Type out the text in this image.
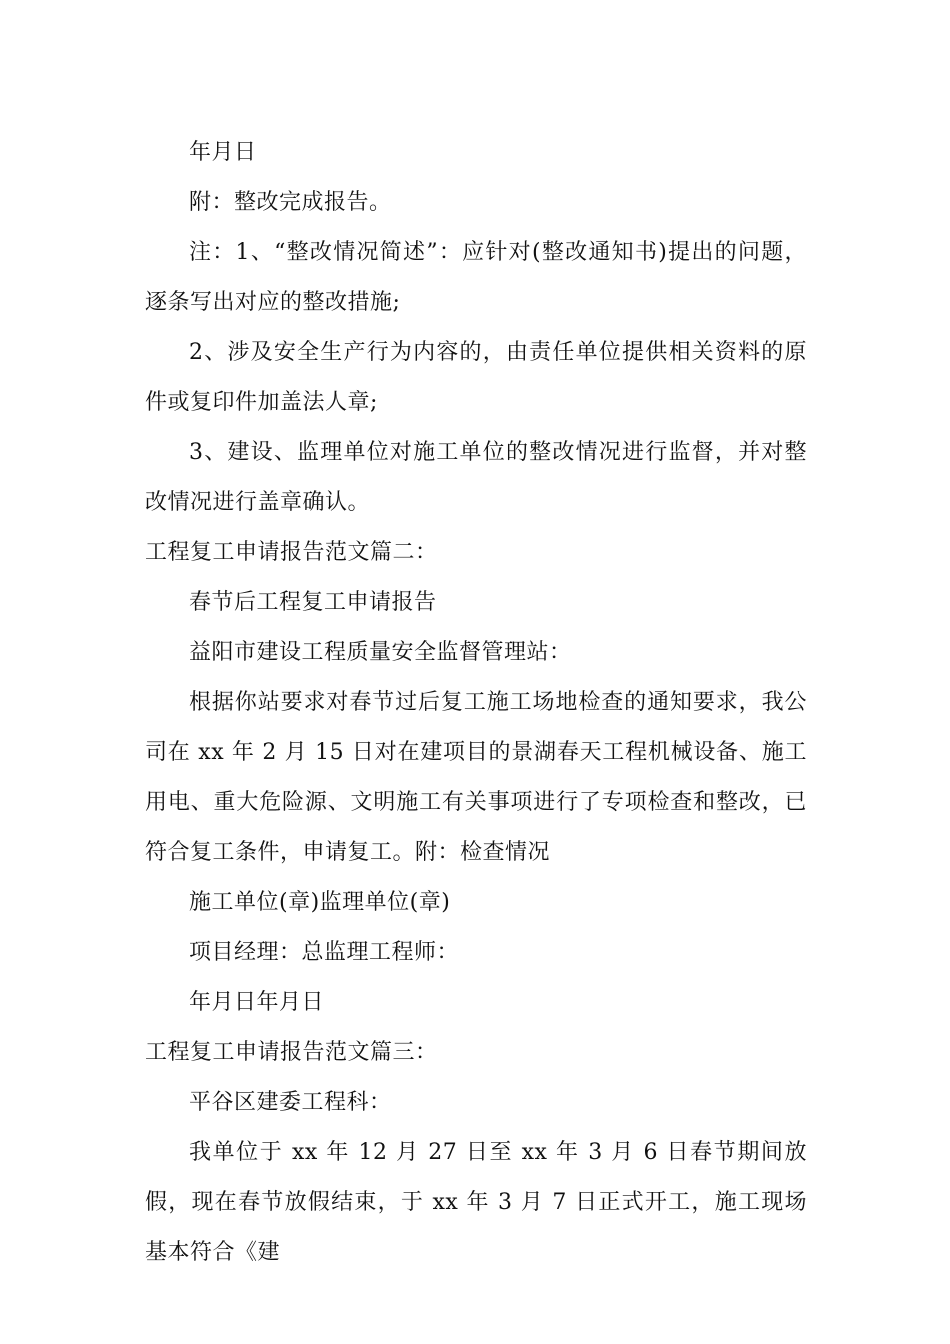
年月日

附：整改完成报告。

注：1、“整改情况简述”：应针对(整改通知书)提出的问题，逐条写出对应的整改措施;

2、涉及安全生产行为内容的，由责任单位提供相关资料的原件或复印件加盖法人章;

3、建设、监理单位对施工单位的整改情况进行监督，并对整改情况进行盖章确认。

工程复工申请报告范文篇二：

春节后工程复工申请报告

益阳市建设工程质量安全监督管理站：

根据你站要求对春节过后复工施工场地检查的通知要求，我公司在 xx 年 2 月 15 日对在建项目的景湖春天工程机械设备、施工用电、重大危险源、文明施工有关事项进行了专项检查和整改，已符合复工条件，申请复工。附：检查情况

施工单位(章)监理单位(章)

项目经理：总监理工程师：

年月日年月日

工程复工申请报告范文篇三：

平谷区建委工程科：

我单位于 xx 年 12 月 27 日至 xx 年 3 月 6 日春节期间放假，现在春节放假结束，于 xx 年 3 月 7 日正式开工，施工现场基本符合《建
